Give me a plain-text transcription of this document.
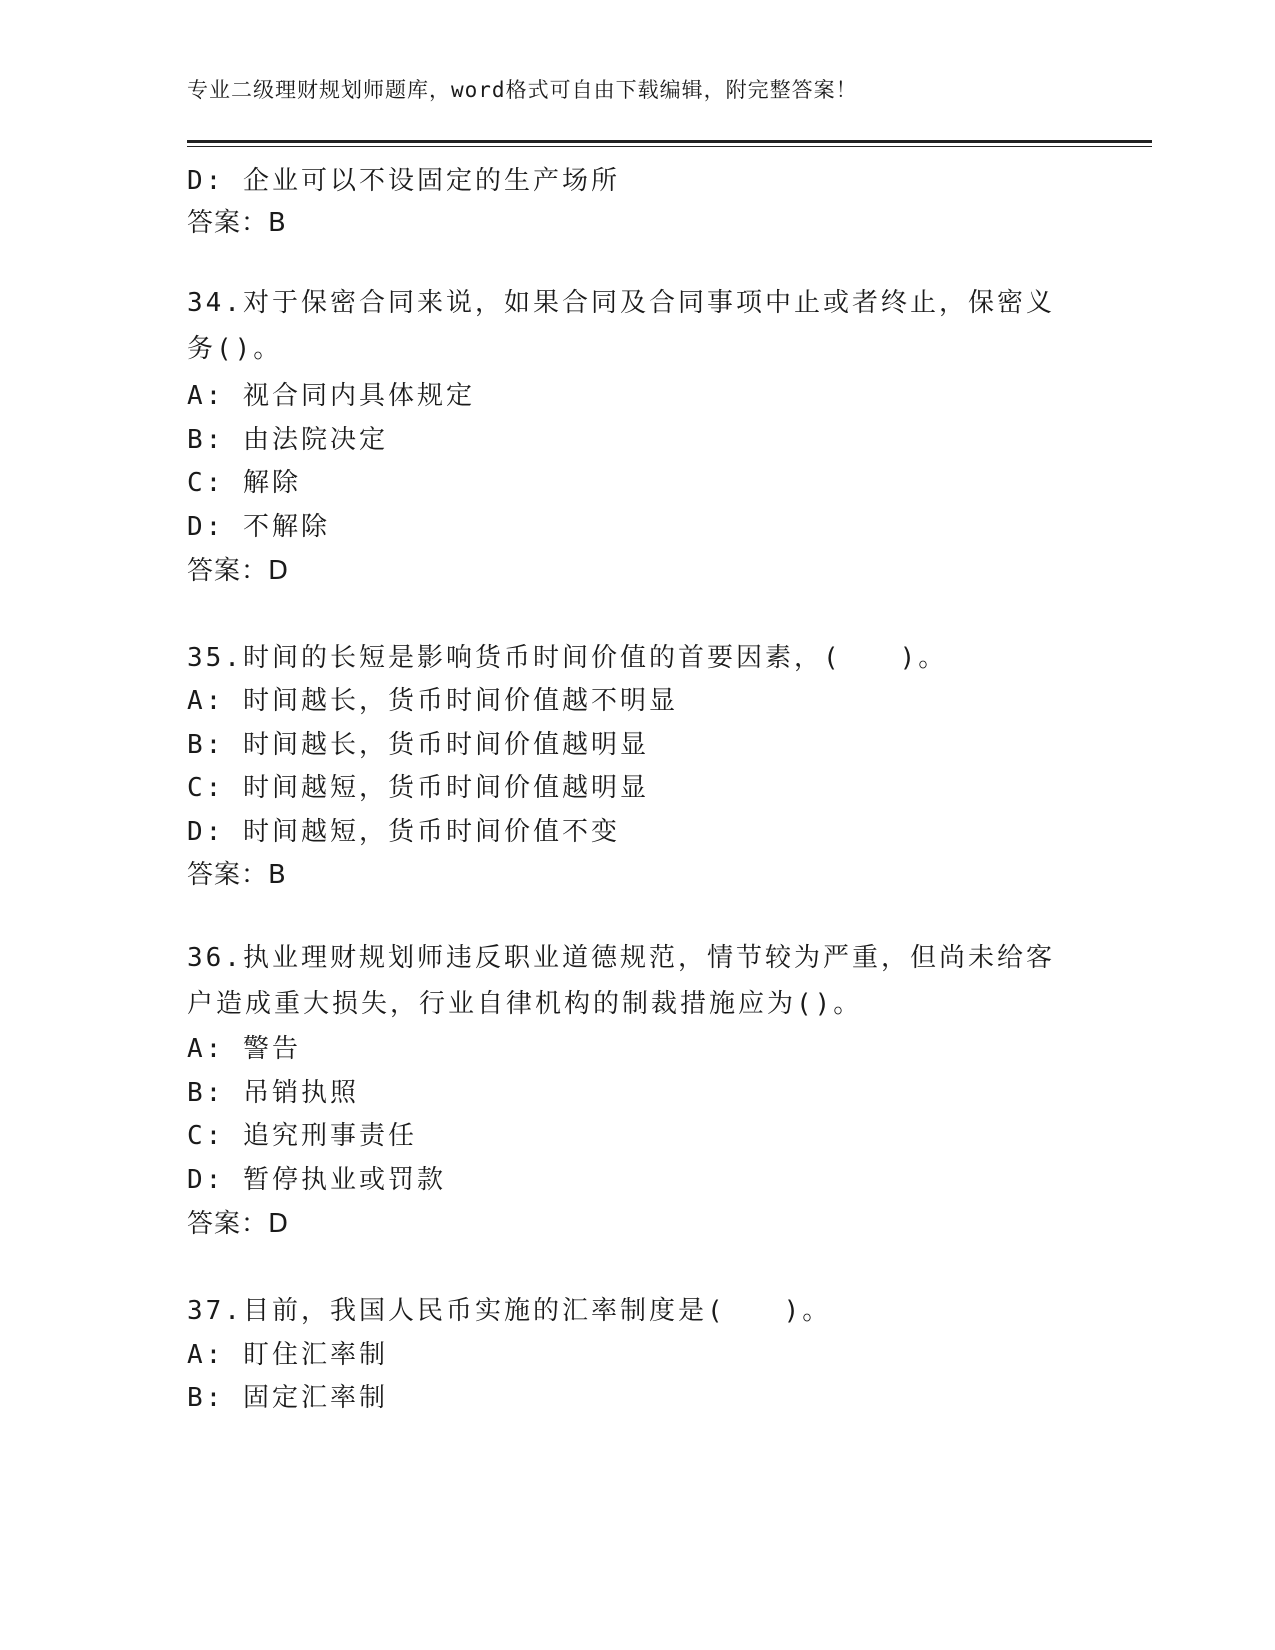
专业二级理财规划师题库，word格式可自由下载编辑，附完整答案！
D: 企业可以不设固定的生产场所
答案：B
34.对于保密合同来说，如果合同及合同事项中止或者终止，保密义务()。
A: 视合同内具体规定
B: 由法院决定
C: 解除
D: 不解除
答案：D
35.时间的长短是影响货币时间价值的首要因素，(　　)。
A: 时间越长，货币时间价值越不明显
B: 时间越长，货币时间价值越明显
C: 时间越短，货币时间价值越明显
D: 时间越短，货币时间价值不变
答案：B
36.执业理财规划师违反职业道德规范，情节较为严重，但尚未给客户造成重大损失，行业自律机构的制裁措施应为()。
A: 警告
B: 吊销执照
C: 追究刑事责任
D: 暂停执业或罚款
答案：D
37.目前，我国人民币实施的汇率制度是(　　)。
A: 盯住汇率制
B: 固定汇率制
